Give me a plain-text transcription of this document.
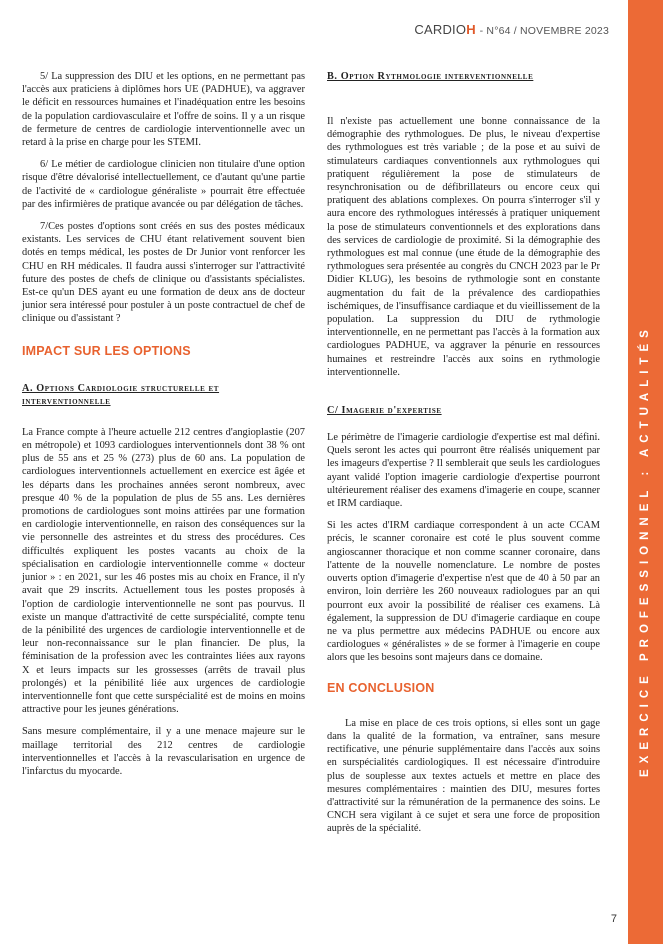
CARDIOH - N°64 / NOVEMBRE 2023
EXERCICE PROFESSIONNEL : ACTUALITÉS

5/ La suppression des DIU et les options, en ne permettant pas l'accès aux praticiens à diplômes hors UE (PADHUE), va aggraver le déficit en ressources humaines et l'inadéquation entre les besoins de la population cardiovasculaire et l'offre de soins. Il y a un risque de fermeture de centres de cardiologie interventionnelle avec un retard à la prise en charge pour les STEMI.

6/ Le métier de cardiologue clinicien non titulaire d'une option risque d'être dévalorisé intellectuellement, ce d'autant qu'une partie de l'activité de « cardiologue généraliste » pourrait être effectuée par des infirmières de pratique avancée ou par délégation de tâches.

7/Ces postes d'options sont créés en sus des postes médicaux existants. Les services de CHU étant relativement souvent bien dotés en temps médical, les postes de Dr Junior vont renforcer les CHU en RH médicales. Il faudra aussi s'interroger sur l'attractivité future des postes de chefs de clinique ou d'assistants spécialistes. Est-ce qu'un DES ayant eu une formation de deux ans de docteur junior sera intéressé pour postuler à un poste contractuel de chef de clinique ou d'assistant ?

IMPACT SUR LES OPTIONS
A. Options Cardiologie structurelle et interventionnelle

La France compte à l'heure actuelle 212 centres d'angioplastie (207 en métropole) et 1093 cardiologues interventionnels dont 38 % ont plus de 55 ans et 25 % (273) plus de 60 ans. La population de cardiologues interventionnels actuellement en exercice est âgée et les départs dans les prochaines années seront nombreux, avec presque 40 % de la population de plus de 55 ans. Les dernières promotions de cardiologues sont moins attirées par une formation en cardiologie interventionnelle, en raison des conséquences sur la vie personnelle des astreintes et du stress des procédures. Ces difficultés expliquent les postes vacants au choix de la spécialisation en cardiologie interventionnelle comme « docteur junior » : en 2021, sur les 46 postes mis au choix en France, il n'y avait que 29 inscrits. Actuellement tous les postes proposés à l'option de cardiologie interventionnelle ne sont pas pourvus. Il existe un manque d'attractivité de cette surspécialité, compte tenu de la pénibilité des urgences de cardiologie interventionnelle et de leur non-reconnaissance sur le plan financier. De plus, la féminisation de la profession avec les contraintes liées aux rayons X et leurs impacts sur les grossesses (arrêts de travail plus prolongés) et la pénibilité liée aux urgences de cardiologie interventionnelle font que cette surspécialité est de moins en moins attractive pour les jeunes générations.

Sans mesure complémentaire, il y a une menace majeure sur le maillage territorial des 212 centres de cardiologie interventionnelles et l'accès à la revascularisation en urgence de l'infarctus du myocarde.

B. Option Rythmologie interventionnelle

Il n'existe pas actuellement une bonne connaissance de la démographie des rythmologues. De plus, le niveau d'expertise des rythmologues est très variable ; de la pose et au suivi de stimulateurs cardiaques conventionnels aux rythmologues qui pratiquent régulièrement la pose de stimulateurs de resynchronisation ou de défibrillateurs ou encore ceux qui pratiquent des ablations complexes. On pourra s'interroger s'il y aura encore des rythmologues intéressés à pratiquer uniquement la pose de stimulateurs conventionnels et des explorations dans des services de cardiologie de proximité. Si la démographie des rythmologues est mal connue (une étude de la démographie des rythmologues sera présentée au congrès du CNCH 2023 par le Pr Didier KLUG), les besoins de rythmologie sont en constante augmentation du fait de la prévalence des cardiopathies ischémiques, de l'insuffisance cardiaque et du vieillissement de la population. La suppression du DIU de rythmologie interventionnelle, en ne permettant pas l'accès à la formation aux cardiologues PADHUE, va aggraver la pénurie en ressources humaines et restreindre l'accès aux soins en rythmologie interventionnelle.

C/ Imagerie d'expertise

Le périmètre de l'imagerie cardiologie d'expertise est mal défini. Quels seront les actes qui pourront être réalisés uniquement par les imageurs d'expertise ? Il semblerait que seuls les cardiologues ayant validé l'option imagerie cardiologie d'expertise pourront ultérieurement réaliser des examens d'imagerie en coupe, scanner et IRM cardiaque.

Si les actes d'IRM cardiaque correspondent à un acte CCAM précis, le scanner coronaire est coté le plus souvent comme angioscanner thoracique et non comme scanner coronaire, dans l'attente de la nouvelle nomenclature. Le nombre de postes ouverts option d'imagerie d'expertise n'est que de 40 à 50 par an environ, loin derrière les 260 nouveaux radiologues par an qui pourront eux avoir la possibilité de réaliser ces examens. Là également, la suppression de DU d'imagerie cardiaque en coupe ne va plus permettre aux médecins PADHUE ou encore aux cardiologues « généralistes » de se former à l'imagerie en coupe alors que les besoins sont majeurs dans ce domaine.

EN CONCLUSION

La mise en place de ces trois options, si elles sont un gage dans la qualité de la formation, va entraîner, sans mesure rectificative, une pénurie supplémentaire dans l'accès aux soins en surspécialités cardiologiques. Il est nécessaire d'introduire plus de souplesse aux textes actuels et mettre en place des mesures complémentaires : maintien des DIU, mesures fortes d'attractivité sur la rémunération de la permanence des soins. Le CNCH sera vigilant à ce sujet et sera une force de proposition auprès de la spécialité.

7
